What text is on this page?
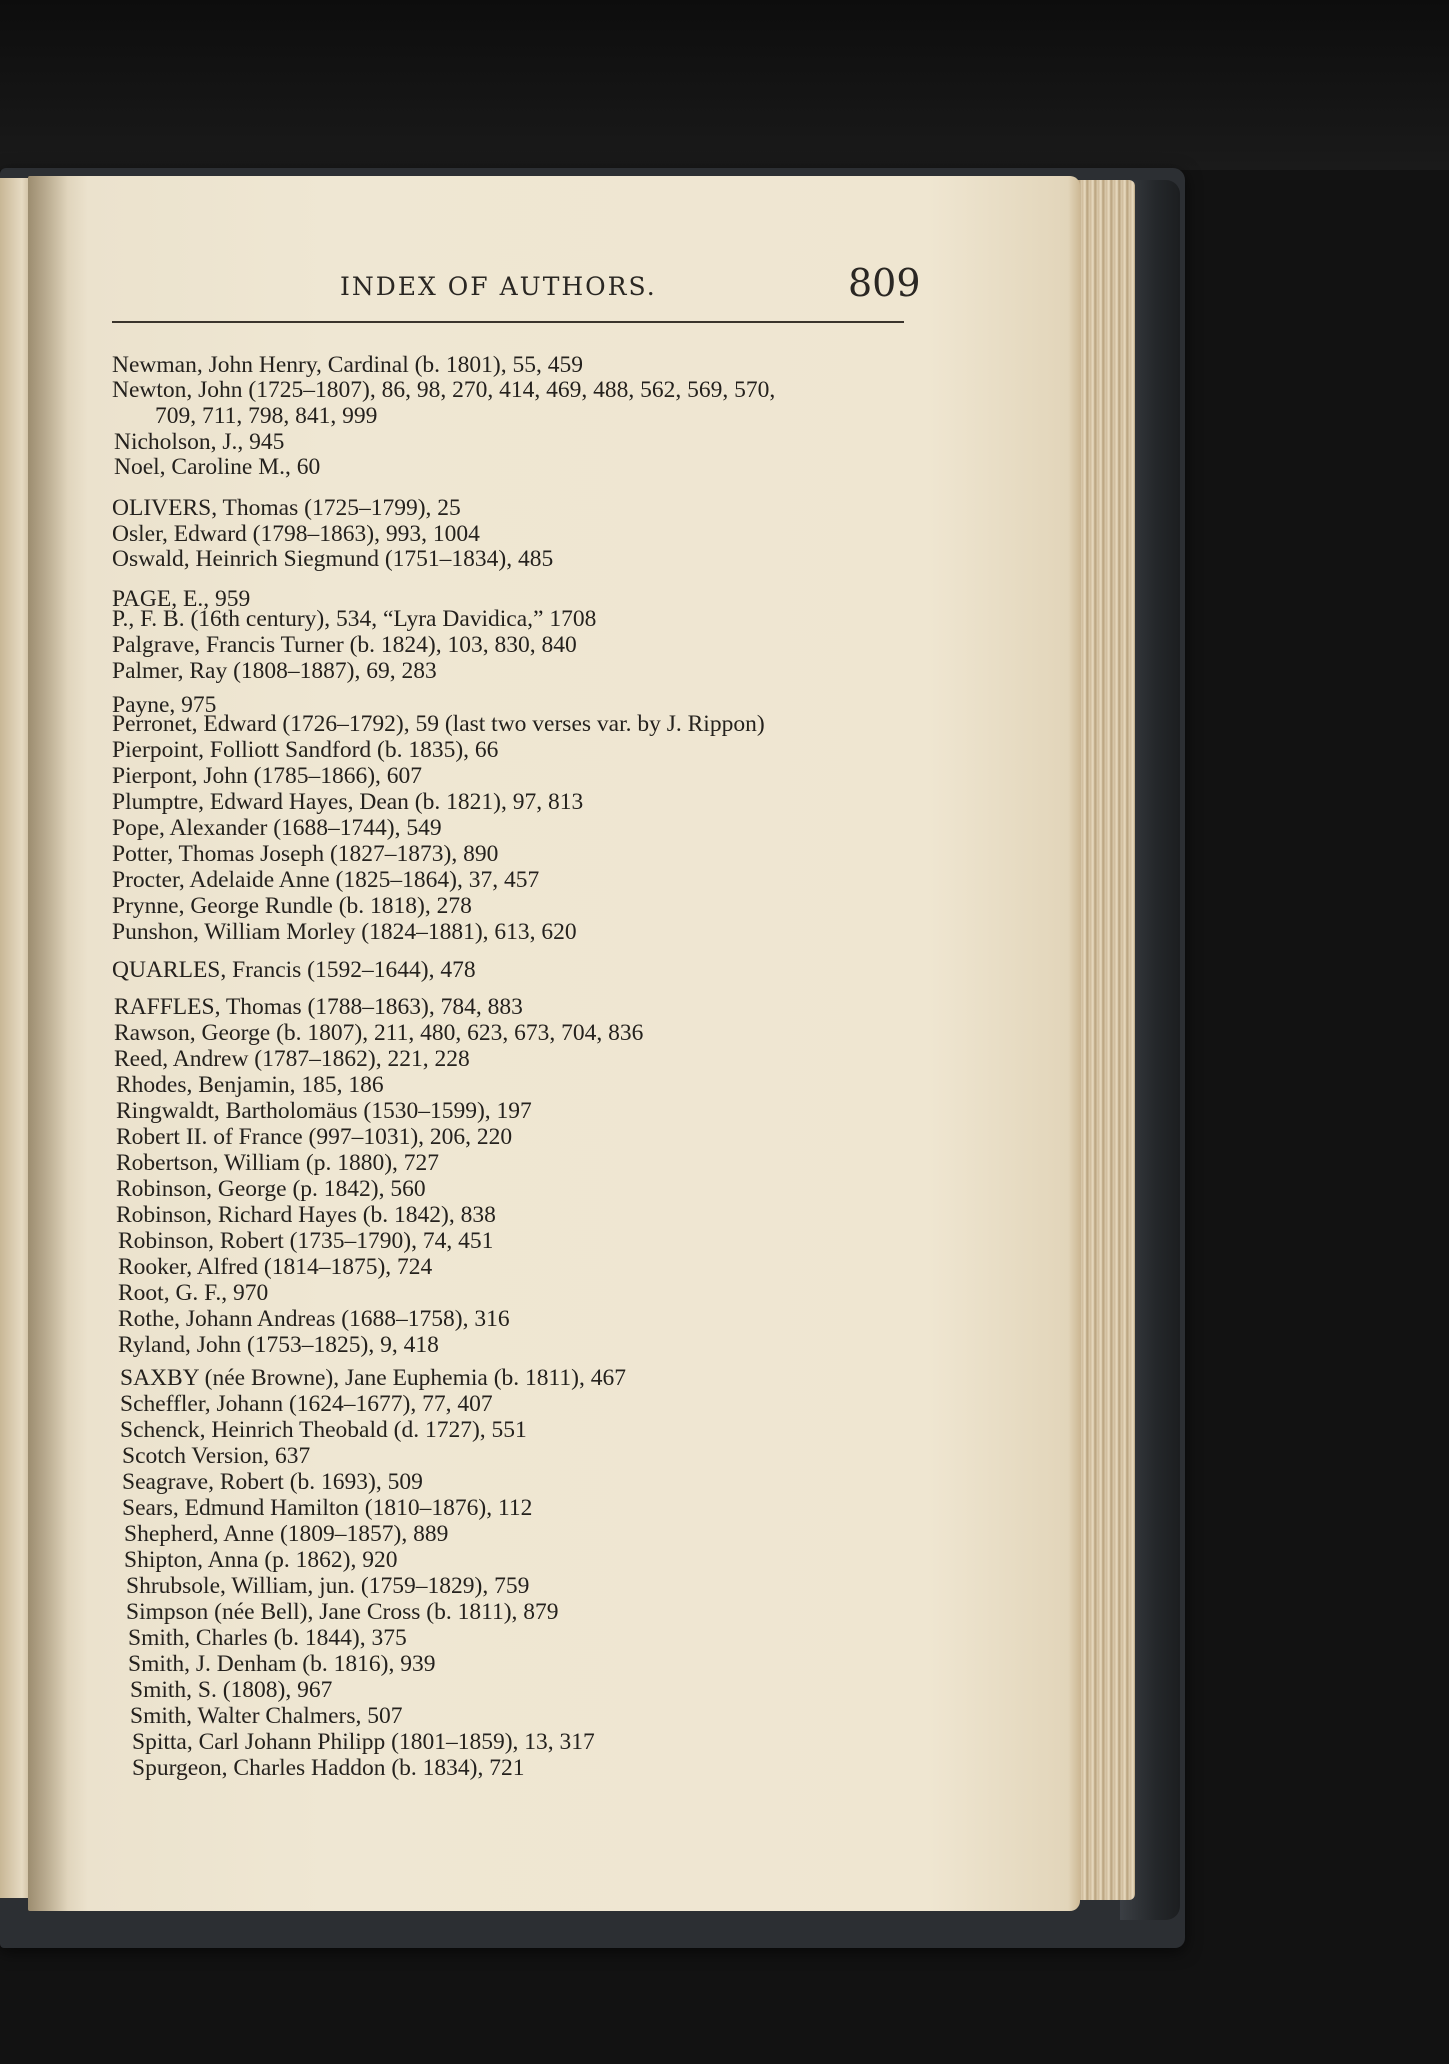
INDEX OF AUTHORS.	809
Newman, John Henry, Cardinal (b. 1801), 55, 459
Newton, John (1725–1807), 86, 98, 270, 414, 469, 488, 562, 569, 570,
709, 711, 798, 841, 999
Nicholson, J., 945
Noel, Caroline M., 60
OLIVERS, Thomas (1725–1799), 25
Osler, Edward (1798–1863), 993, 1004
Oswald, Heinrich Siegmund (1751–1834), 485
PAGE, E., 959
P., F. B. (16th century), 534, “Lyra Davidica,” 1708
Palgrave, Francis Turner (b. 1824), 103, 830, 840
Palmer, Ray (1808–1887), 69, 283
Payne, 975
Perronet, Edward (1726–1792), 59 (last two verses var. by J. Rippon)
Pierpoint, Folliott Sandford (b. 1835), 66
Pierpont, John (1785–1866), 607
Plumptre, Edward Hayes, Dean (b. 1821), 97, 813
Pope, Alexander (1688–1744), 549
Potter, Thomas Joseph (1827–1873), 890
Procter, Adelaide Anne (1825–1864), 37, 457
Prynne, George Rundle (b. 1818), 278
Punshon, William Morley (1824–1881), 613, 620
QUARLES, Francis (1592–1644), 478
RAFFLES, Thomas (1788–1863), 784, 883
Rawson, George (b. 1807), 211, 480, 623, 673, 704, 836
Reed, Andrew (1787–1862), 221, 228
Rhodes, Benjamin, 185, 186
Ringwaldt, Bartholomäus (1530–1599), 197
Robert II. of France (997–1031), 206, 220
Robertson, William (p. 1880), 727
Robinson, George (p. 1842), 560
Robinson, Richard Hayes (b. 1842), 838
Robinson, Robert (1735–1790), 74, 451
Rooker, Alfred (1814–1875), 724
Root, G. F., 970
Rothe, Johann Andreas (1688–1758), 316
Ryland, John (1753–1825), 9, 418
SAXBY (née Browne), Jane Euphemia (b. 1811), 467
Scheffler, Johann (1624–1677), 77, 407
Schenck, Heinrich Theobald (d. 1727), 551
Scotch Version, 637
Seagrave, Robert (b. 1693), 509
Sears, Edmund Hamilton (1810–1876), 112
Shepherd, Anne (1809–1857), 889
Shipton, Anna (p. 1862), 920
Shrubsole, William, jun. (1759–1829), 759
Simpson (née Bell), Jane Cross (b. 1811), 879
Smith, Charles (b. 1844), 375
Smith, J. Denham (b. 1816), 939
Smith, S. (1808), 967
Smith, Walter Chalmers, 507
Spitta, Carl Johann Philipp (1801–1859), 13, 317
Spurgeon, Charles Haddon (b. 1834), 721
